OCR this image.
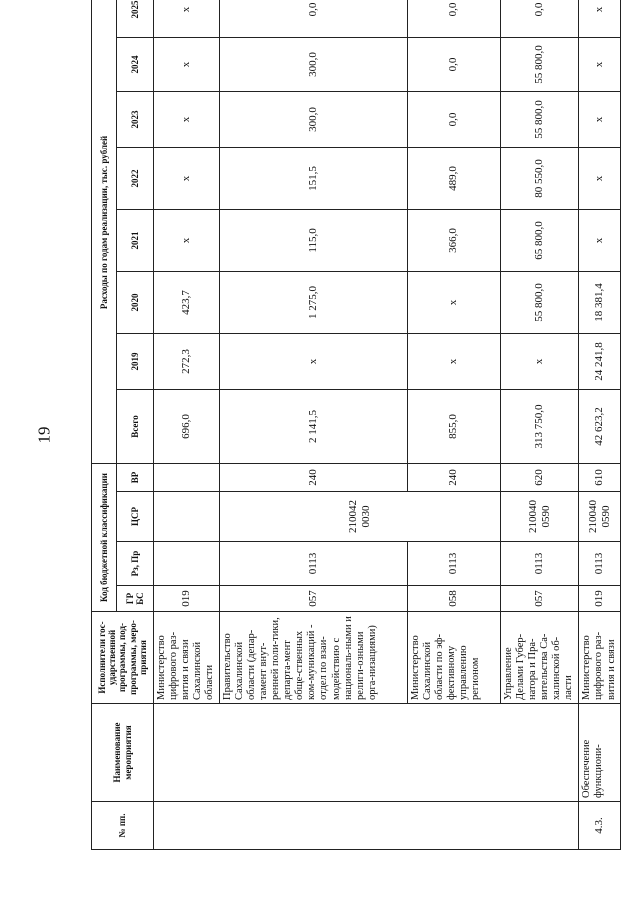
19
№ пп.	Наименование мероприятия	Исполнители гос-ударственной программы, под-программы, меро-приятия	Код бюджетной классификации				Расходы по годам реализации, тыс. рублей							
							Всего	2019	2020	2021	2022	2023	2024	2025
			ГР БС	Рз, Пр	ЦСР	ВР								
		Министерство цифрового раз-вития и связи Сахалинской области	019				696,0	272,3	423,7	х	х	х	х	х
		Правительство Сахалинской области (депар-тамент внут-ренней поли-тики, департа-мент обще-ственных ком-муникаций - отдел по взаи-модействию с националь-ными и религи-озными орга-низациями)	057	0113	210042 0030	240	2 141,5	х	1 275,0	115,0	151,5	300,0	300,0	0,0
		Министерство Сахалинской области по эф-фективному управлению регионом	058	0113		240	855,0	х	х	366,0	489,0	0,0	0,0	0,0
		Управление Делами Губер-натора и Пра-вительства Са-халинской об-ласти	057	0113	210040 0590	620	313 750,0	х	55 800,0	65 800,0	80 550,0	55 800,0	55 800,0	0,0
4.3.	Обеспечение функциони-	Министерство цифрового раз-вития и связи	019	0113	210040 0590	610	42 623,2	24 241,8	18 381,4	х	х	х	х	х
